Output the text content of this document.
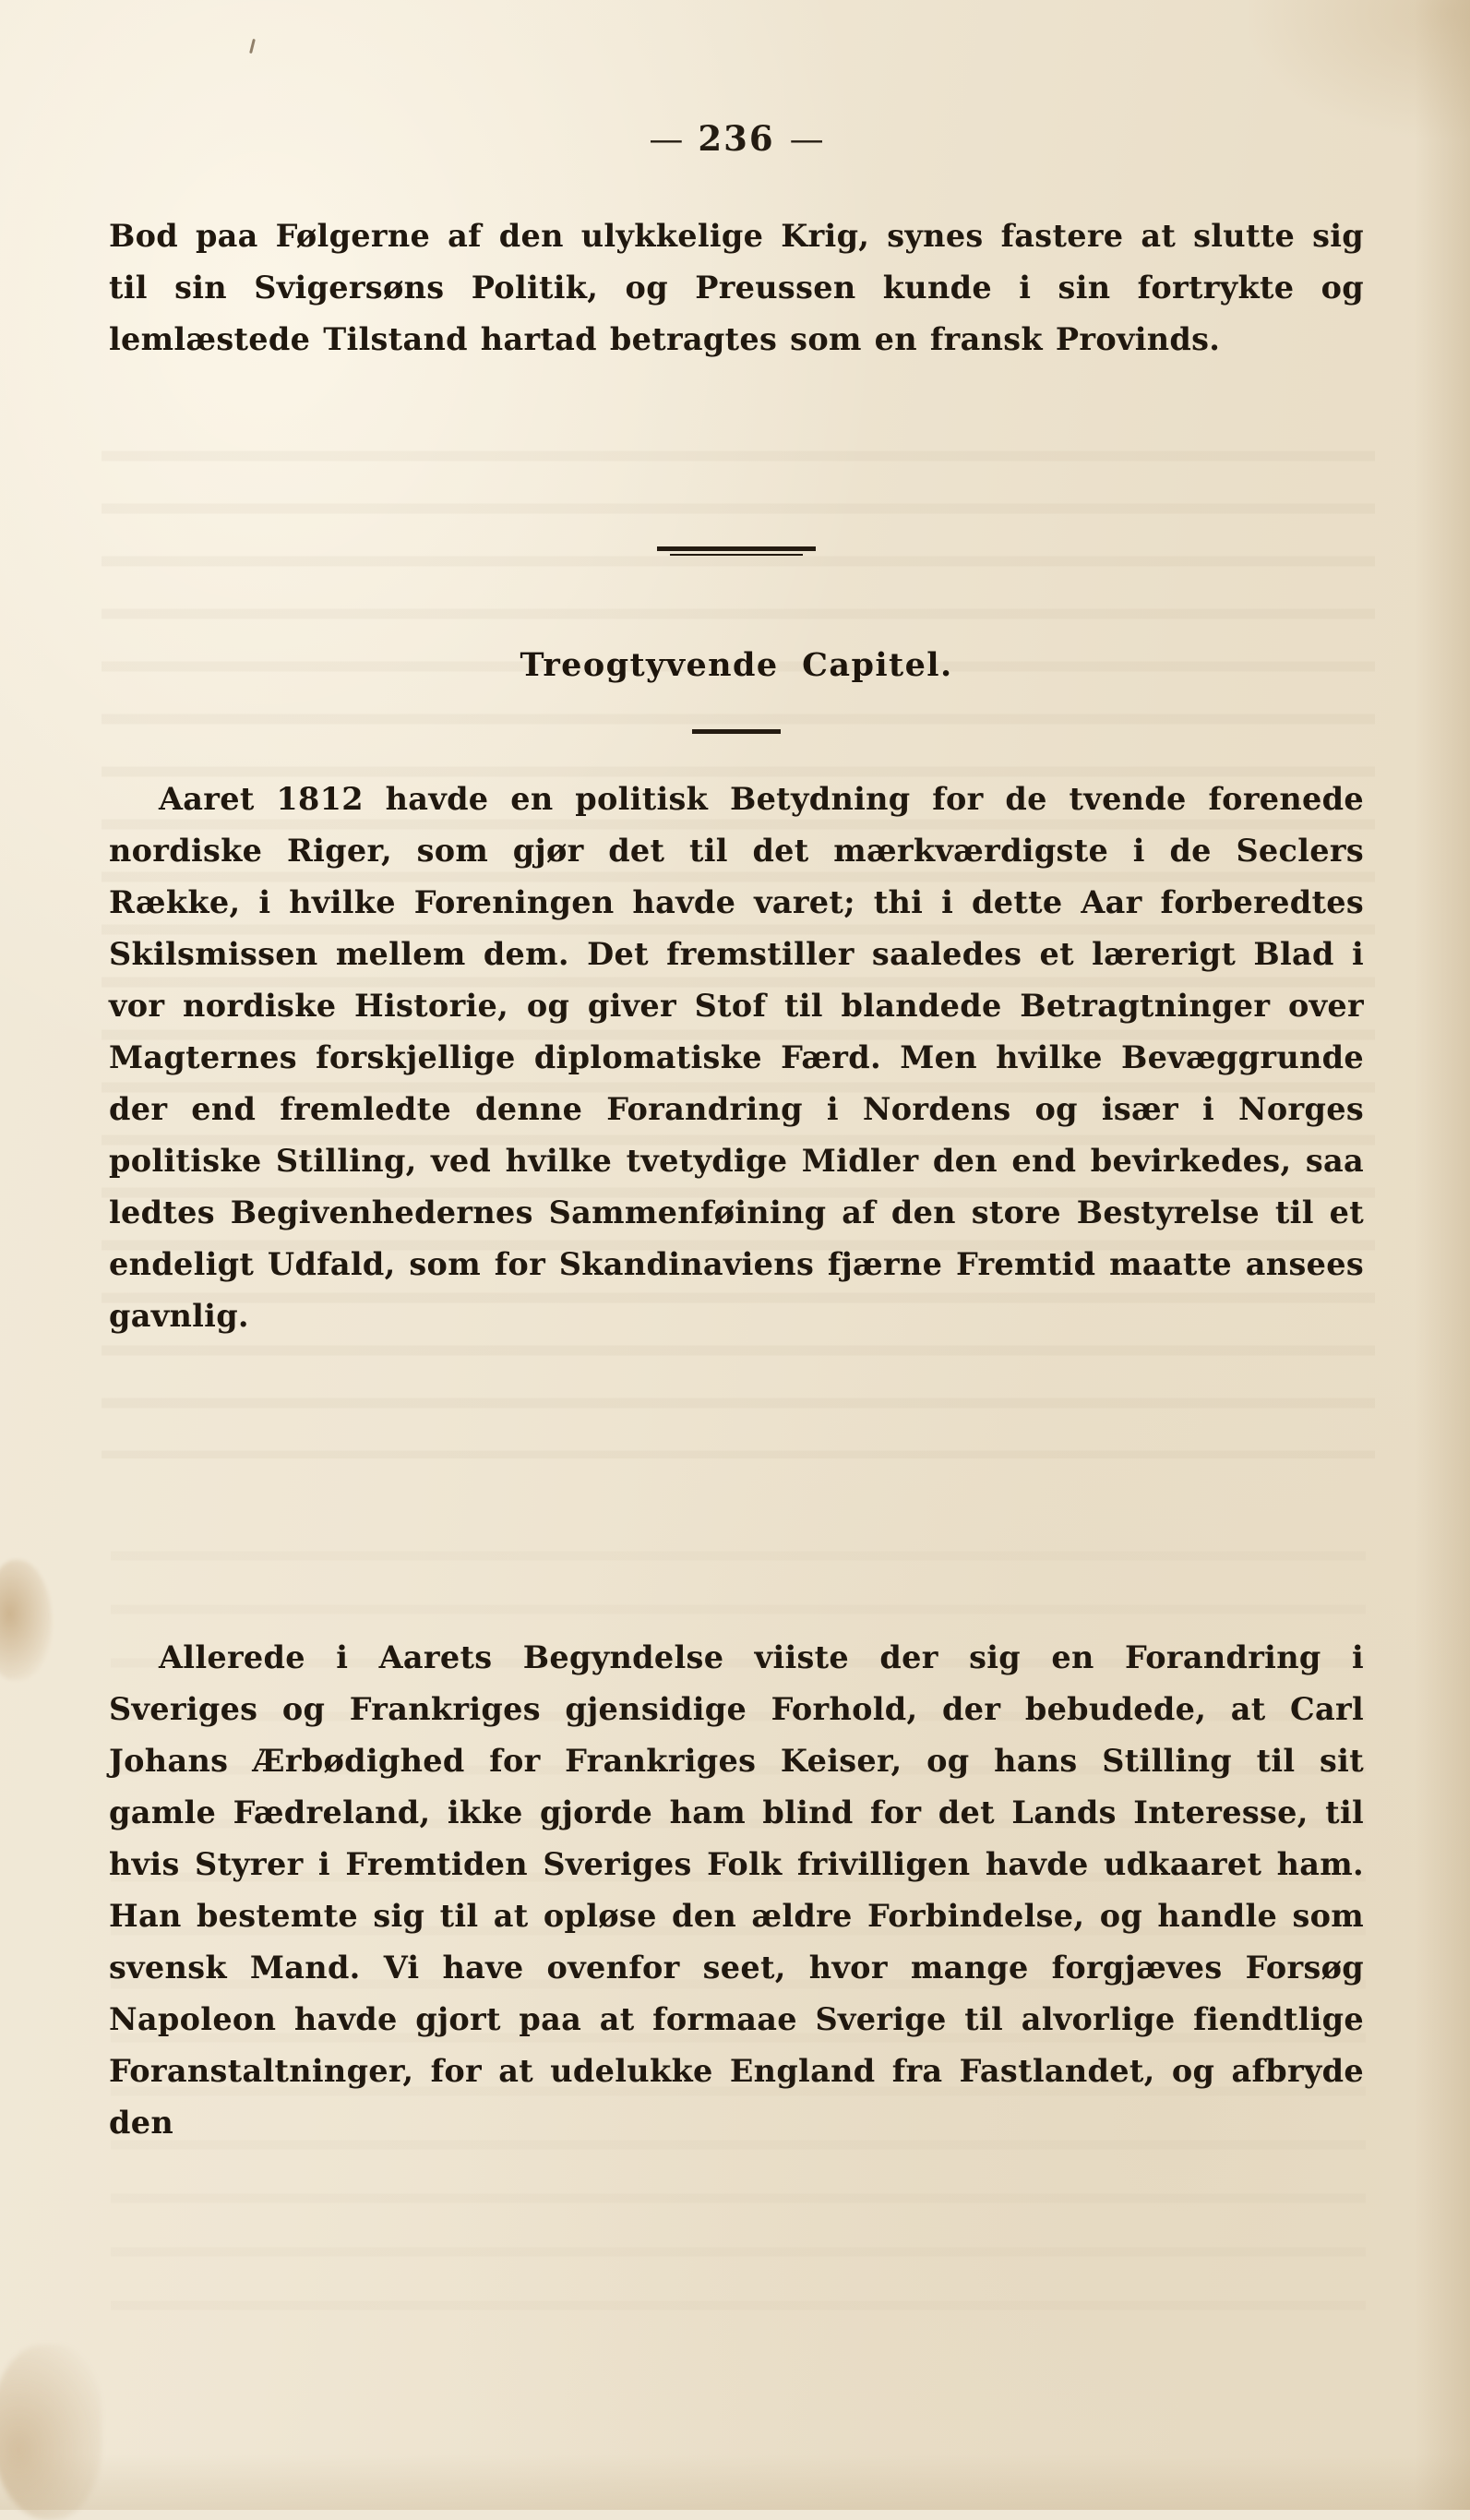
— 236 —

Bod paa Følgerne af den ulykkelige Krig, synes fastere at slutte sig til sin Svigersøns Politik, og Preussen kunde i sin fortrykte og lemlæstede Tilstand hartad betragtes som en fransk Provinds.

Treogtyvende Capitel.

Aaret 1812 havde en politisk Betydning for de tvende forenede nordiske Riger, som gjør det til det mærkværdigste i de Seclers Række, i hvilke Foreningen havde varet; thi i dette Aar forberedtes Skilsmissen mellem dem. Det fremstiller saaledes et lærerigt Blad i vor nordiske Historie, og giver Stof til blandede Betragtninger over Magternes forskjellige diplomatiske Færd. Men hvilke Bevæggrunde der end fremledte denne Forandring i Nordens og især i Norges politiske Stilling, ved hvilke tvetydige Midler den end bevirkedes, saa ledtes Begivenhedernes Sammenføining af den store Bestyrelse til et endeligt Udfald, som for Skandinaviens fjærne Fremtid maatte ansees gavnlig.

Allerede i Aarets Begyndelse viiste der sig en Forandring i Sveriges og Frankriges gjensidige Forhold, der bebudede, at Carl Johans Ærbødighed for Frankriges Keiser, og hans Stilling til sit gamle Fædreland, ikke gjorde ham blind for det Lands Interesse, til hvis Styrer i Fremtiden Sveriges Folk frivilligen havde udkaaret ham. Han bestemte sig til at opløse den ældre Forbindelse, og handle som svensk Mand. Vi have ovenfor seet, hvor mange forgjæves Forsøg Napoleon havde gjort paa at formaae Sverige til alvorlige fiendtlige Foranstaltninger, for at udelukke England fra Fastlandet, og afbryde den
